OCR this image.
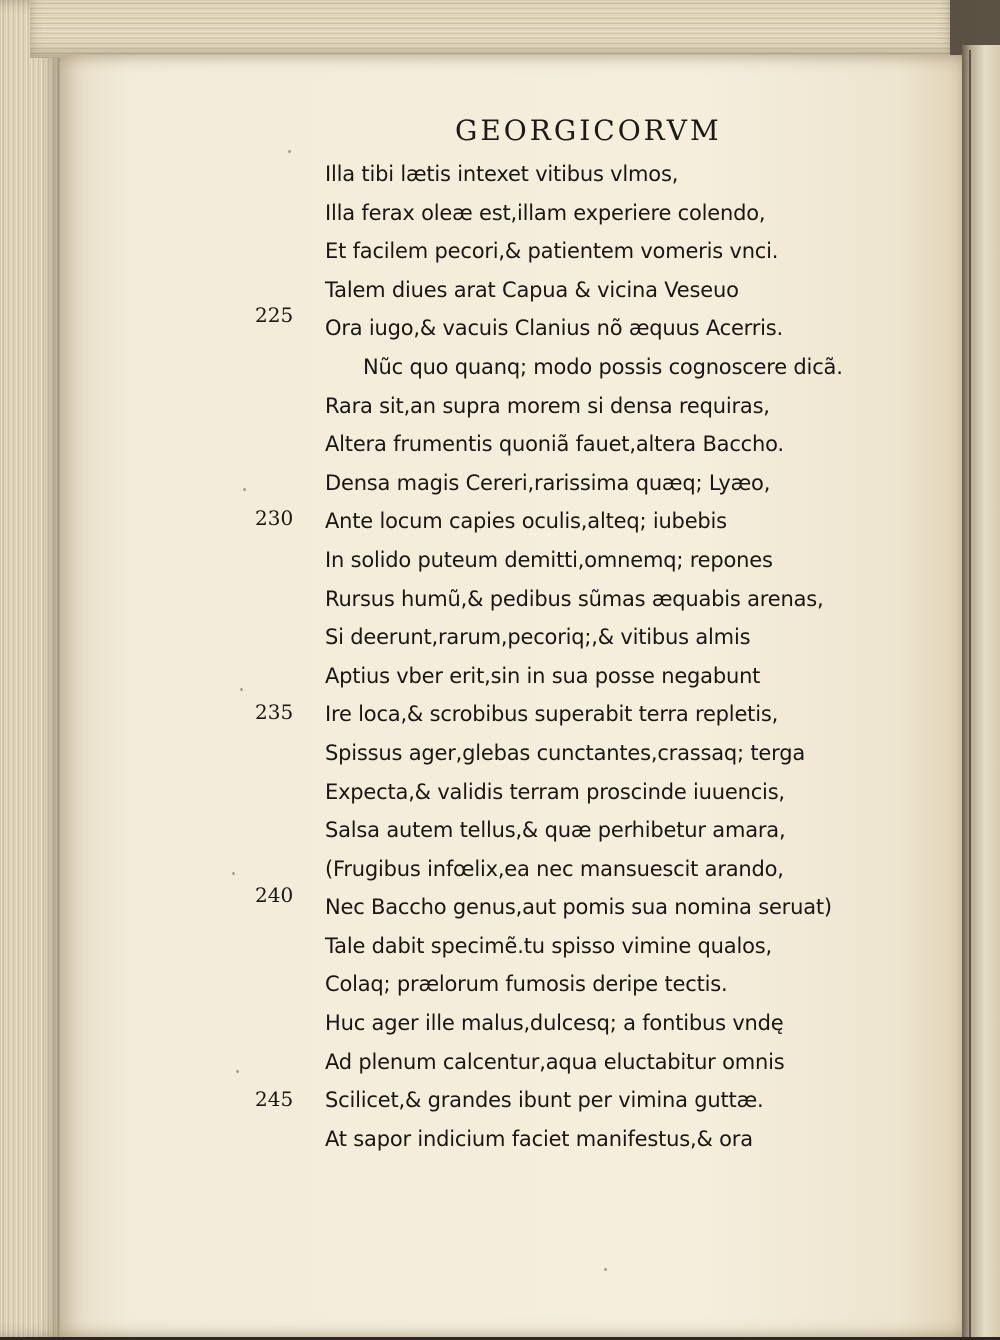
GEORGICORVM
Illa tibi lætis intexet vitibus vlmos,
Illa ferax oleæ est,illam experiere colendo,
Et facilem pecori,& patientem vomeris vnci.
Talem diues arat Capua & vicina Veseuo
Ora iugo,& vacuis Clanius nõ æquus Acerris.
Nũc quo quanq; modo possis cognoscere dicã.
Rara sit,an supra morem si densa requiras,
Altera frumentis quoniã fauet,altera Baccho.
Densa magis Cereri,rarissima quæq; Lyæo,
Ante locum capies oculis,alteq; iubebis
In solido puteum demitti,omnemq; repones
Rursus humũ,& pedibus sũmas æquabis arenas,
Si deerunt,rarum,pecoriq;,& vitibus almis
Aptius vber erit,sin in sua posse negabunt
Ire loca,& scrobibus superabit terra repletis,
Spissus ager,glebas cunctantes,crassaq; terga
Expecta,& validis terram proscinde iuuencis,
Salsa autem tellus,& quæ perhibetur amara,
(Frugibus infœlix,ea nec mansuescit arando,
Nec Baccho genus,aut pomis sua nomina seruat)
Tale dabit specimẽ.tu spisso vimine qualos,
Colaq; prælorum fumosis deripe tectis.
Huc ager ille malus,dulcesq; a fontibus vndę
Ad plenum calcentur,aqua eluctabitur omnis
Scilicet,& grandes ibunt per vimina guttæ.
At sapor indicium faciet manifestus,& ora
225
230
235
240
245
